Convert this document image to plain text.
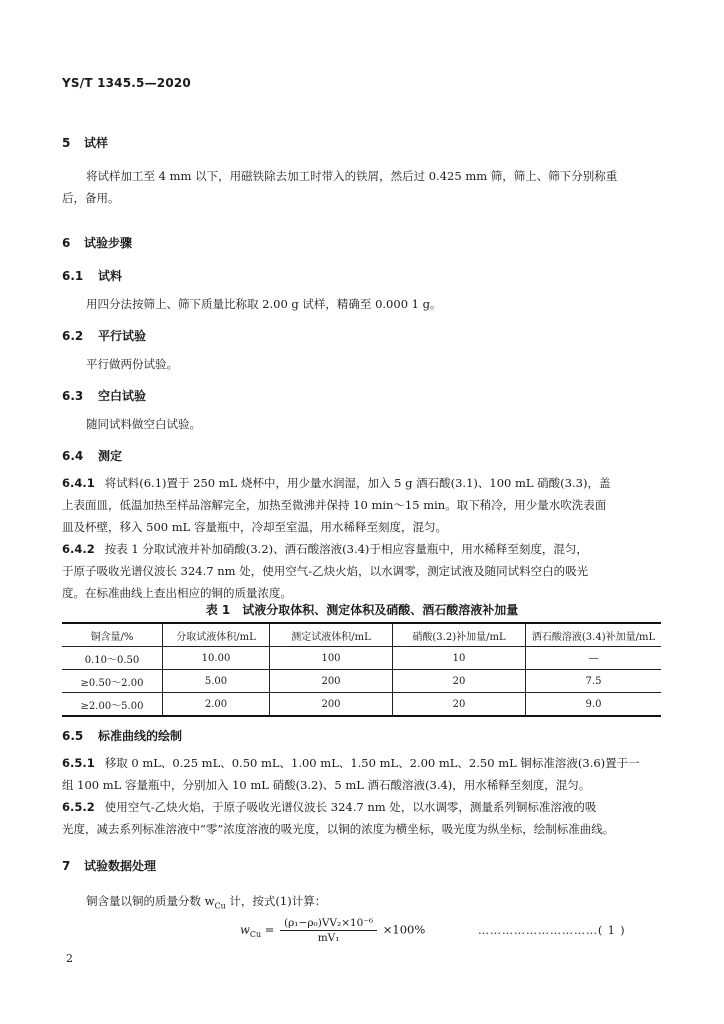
YS/T 1345.5—2020
5 试样
将试样加工至 4 mm 以下，用磁铁除去加工时带入的铁屑，然后过 0.425 mm 筛，筛上、筛下分别称重
后，备用。
6 试验步骤
6.1 试料
用四分法按筛上、筛下质量比称取 2.00 g 试样，精确至 0.000 1 g。
6.2 平行试验
平行做两份试验。
6.3 空白试验
随同试料做空白试验。
6.4 测定
6.4.1 将试料(6.1)置于 250 mL 烧杯中，用少量水润湿，加入 5 g 酒石酸(3.1)、100 mL 硝酸(3.3)，盖
上表面皿，低温加热至样品溶解完全，加热至微沸并保持 10 min～15 min。取下稍冷，用少量水吹洗表面
皿及杯壁，移入 500 mL 容量瓶中，冷却至室温，用水稀释至刻度，混匀。
6.4.2 按表 1 分取试液并补加硝酸(3.2)、酒石酸溶液(3.4)于相应容量瓶中，用水稀释至刻度，混匀，
于原子吸收光谱仪波长 324.7 nm 处，使用空气-乙炔火焰，以水调零，测定试液及随同试料空白的吸光
度。在标准曲线上查出相应的铜的质量浓度。
表 1　试液分取体积、测定体积及硝酸、酒石酸溶液补加量
铜含量/%	分取试液体积/mL	测定试液体积/mL	硝酸(3.2)补加量/mL	酒石酸溶液(3.4)补加量/mL
0.10～0.50	10.00	100	10	—
≥0.50～2.00	5.00	200	20	7.5
≥2.00～5.00	2.00	200	20	9.0
6.5 标准曲线的绘制
6.5.1 移取 0 mL、0.25 mL、0.50 mL、1.00 mL、1.50 mL、2.00 mL、2.50 mL 铜标准溶液(3.6)置于一
组 100 mL 容量瓶中，分别加入 10 mL 硝酸(3.2)、5 mL 酒石酸溶液(3.4)，用水稀释至刻度，混匀。
6.5.2 使用空气-乙炔火焰，于原子吸收光谱仪波长 324.7 nm 处，以水调零，测量系列铜标准溶液的吸
光度，减去系列标准溶液中“零”浓度溶液的吸光度，以铜的浓度为横坐标，吸光度为纵坐标，绘制标准曲线。
7 试验数据处理
铜含量以铜的质量分数 $w_{Cu}$ 计，按式(1)计算：
$w_{Cu} = \frac{\text{(ρ₁−ρ₀)VV₂×10⁻⁶}}{\text{mV₁}} \times 100\%$	…………………………( 1 )
2
